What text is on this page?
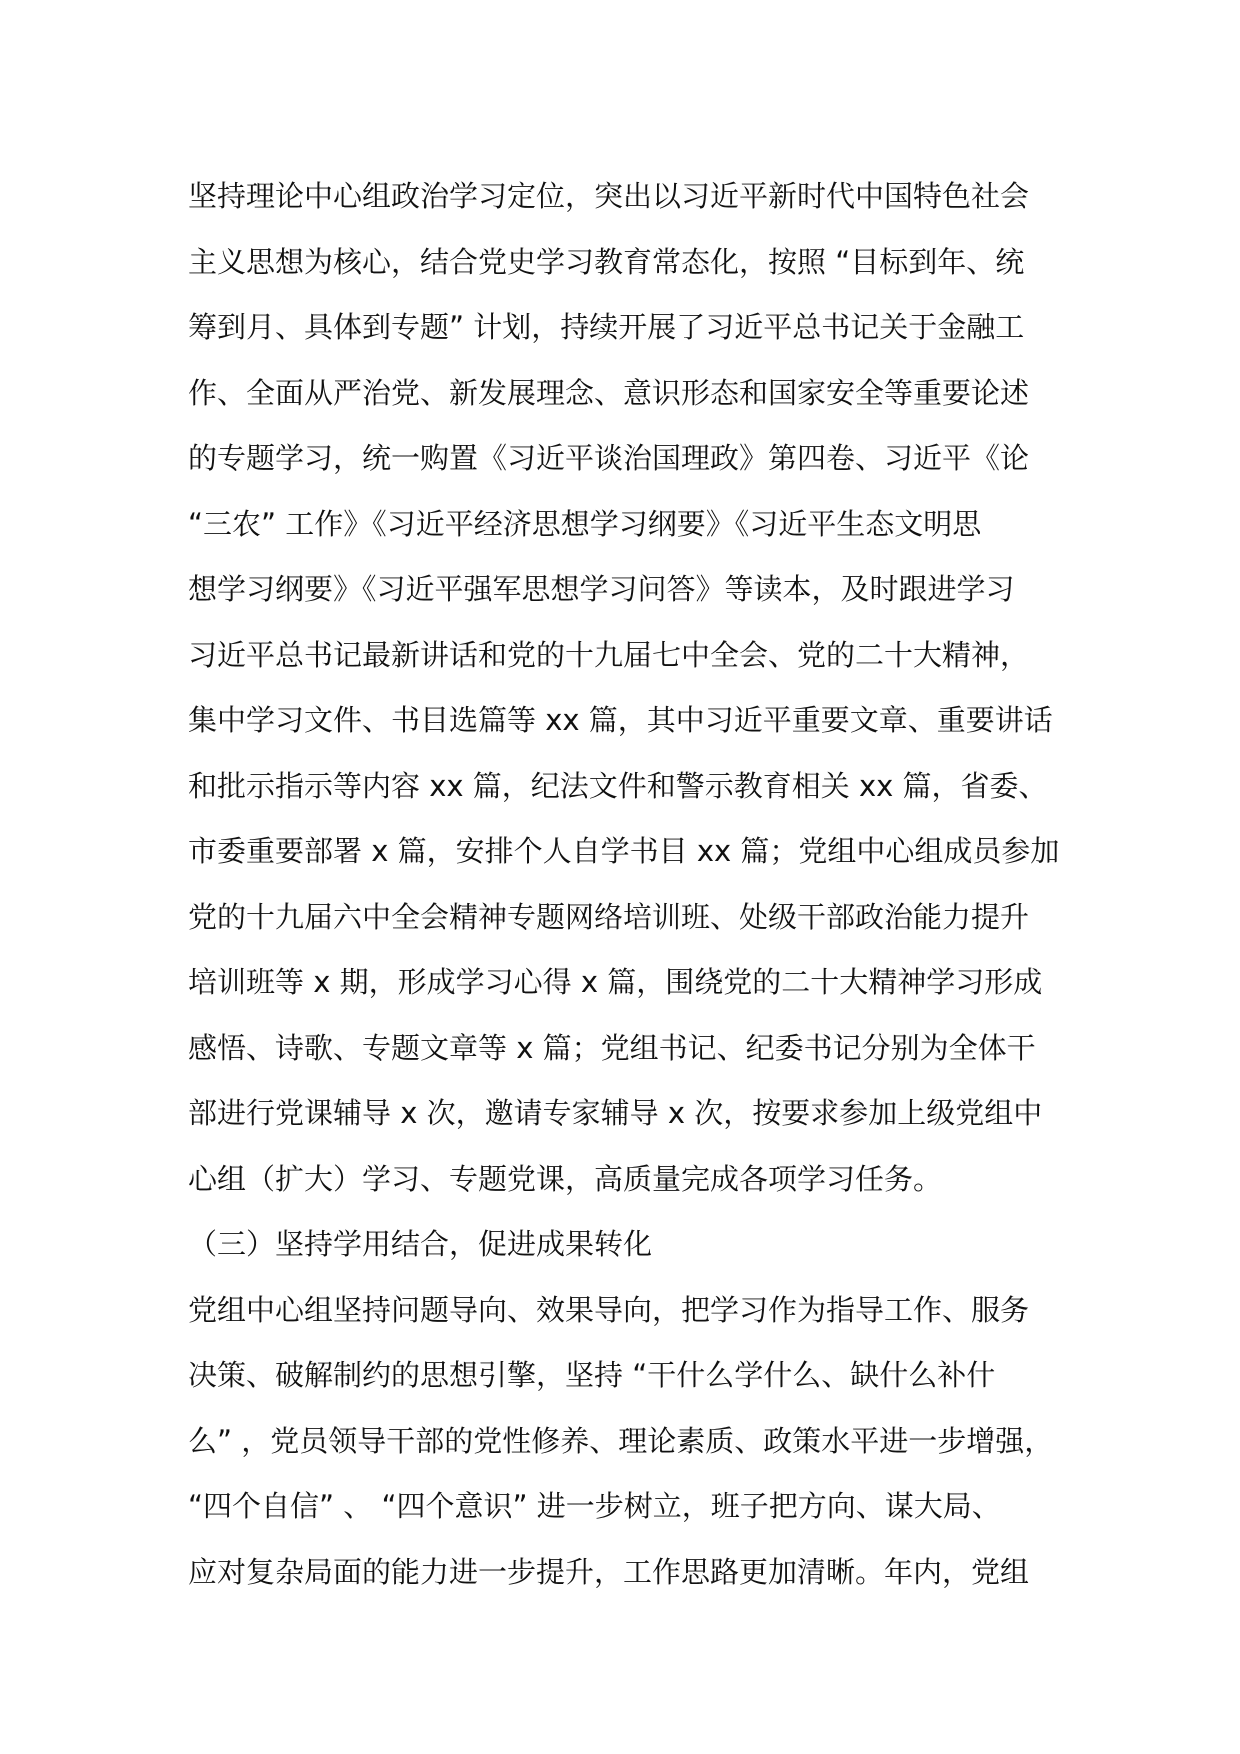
坚持理论中心组政治学习定位，突出以习近平新时代中国特色社会
主义思想为核心，结合党史学习教育常态化，按照 “目标到年、统
筹到月、具体到专题” 计划，持续开展了习近平总书记关于金融工
作、全面从严治党、新发展理念、意识形态和国家安全等重要论述
的专题学习，统一购置《习近平谈治国理政》第四卷、习近平《论
“三农” 工作》《习近平经济思想学习纲要》《习近平生态文明思
想学习纲要》《习近平强军思想学习问答》等读本，及时跟进学习
习近平总书记最新讲话和党的十九届七中全会、党的二十大精神，
集中学习文件、书目选篇等 xx 篇，其中习近平重要文章、重要讲话
和批示指示等内容 xx 篇，纪法文件和警示教育相关 xx 篇，省委、
市委重要部署 x 篇，安排个人自学书目 xx 篇；党组中心组成员参加
党的十九届六中全会精神专题网络培训班、处级干部政治能力提升
培训班等 x 期，形成学习心得 x 篇，围绕党的二十大精神学习形成
感悟、诗歌、专题文章等 x 篇；党组书记、纪委书记分别为全体干
部进行党课辅导 x 次，邀请专家辅导 x 次，按要求参加上级党组中
心组（扩大）学习、专题党课，高质量完成各项学习任务。
（三）坚持学用结合，促进成果转化
党组中心组坚持问题导向、效果导向，把学习作为指导工作、服务
决策、破解制约的思想引擎，坚持 “干什么学什么、缺什么补什
么” ，党员领导干部的党性修养、理论素质、政策水平进一步增强，
“四个自信” 、 “四个意识” 进一步树立，班子把方向、谋大局、
应对复杂局面的能力进一步提升，工作思路更加清晰。年内，党组
